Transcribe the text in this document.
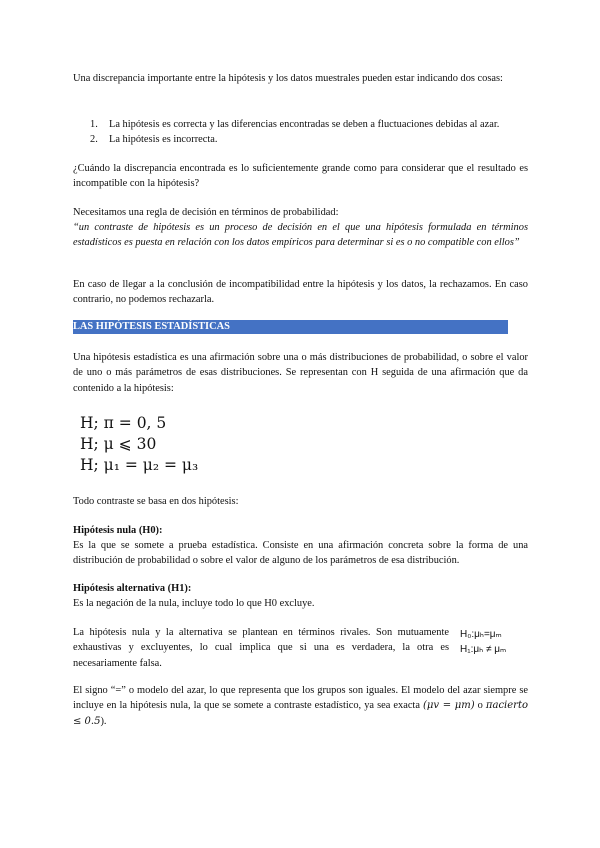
Una discrepancia importante entre la hipótesis y los datos muestrales pueden estar indicando dos cosas:

1. La hipótesis es correcta y las diferencias encontradas se deben a fluctuaciones debidas al azar.
2. La hipótesis es incorrecta.

¿Cuándo la discrepancia encontrada es lo suficientemente grande como para considerar que el resultado es incompatible con la hipótesis?

Necesitamos una regla de decisión en términos de probabilidad:

“un contraste de hipótesis es un proceso de decisión en el que una hipótesis formulada en términos estadísticos es puesta en relación con los datos empíricos para determinar si es o no compatible con ellos”

En caso de llegar a la conclusión de incompatibilidad entre la hipótesis y los datos, la rechazamos. En caso contrario, no podemos rechazarla.

LAS HIPÓTESIS ESTADÍSTICAS

Una hipótesis estadística es una afirmación sobre una o más distribuciones de probabilidad, o sobre el valor de uno o más parámetros de esas distribuciones. Se representan con H seguida de una afirmación que da contenido a la hipótesis:

H; π = 0, 5
H; μ ⩽ 30
H; μ₁ = μ₂ = μ₃

Todo contraste se basa en dos hipótesis:

Hipótesis nula (H0):

Es la que se somete a prueba estadística. Consiste en una afirmación concreta sobre la forma de una distribución de probabilidad o sobre el valor de alguno de los parámetros de esa distribución.

Hipótesis alternativa (H1):

Es la negación de la nula, incluye todo lo que H0 excluye.

La hipótesis nula y la alternativa se plantean en términos rivales. Son mutuamente exhaustivas y excluyentes, lo cual implica que si una es verdadera, la otra es necesariamente falsa.

H₀:μₕ=μₘ
H₁:μₕ ≠ μₘ

El signo “=” o modelo del azar, lo que representa que los grupos son iguales. El modelo del azar siempre se incluye en la hipótesis nula, la que se somete a contraste estadístico, ya sea exacta (μv = μm) o πacierto ≤ 0.5).
